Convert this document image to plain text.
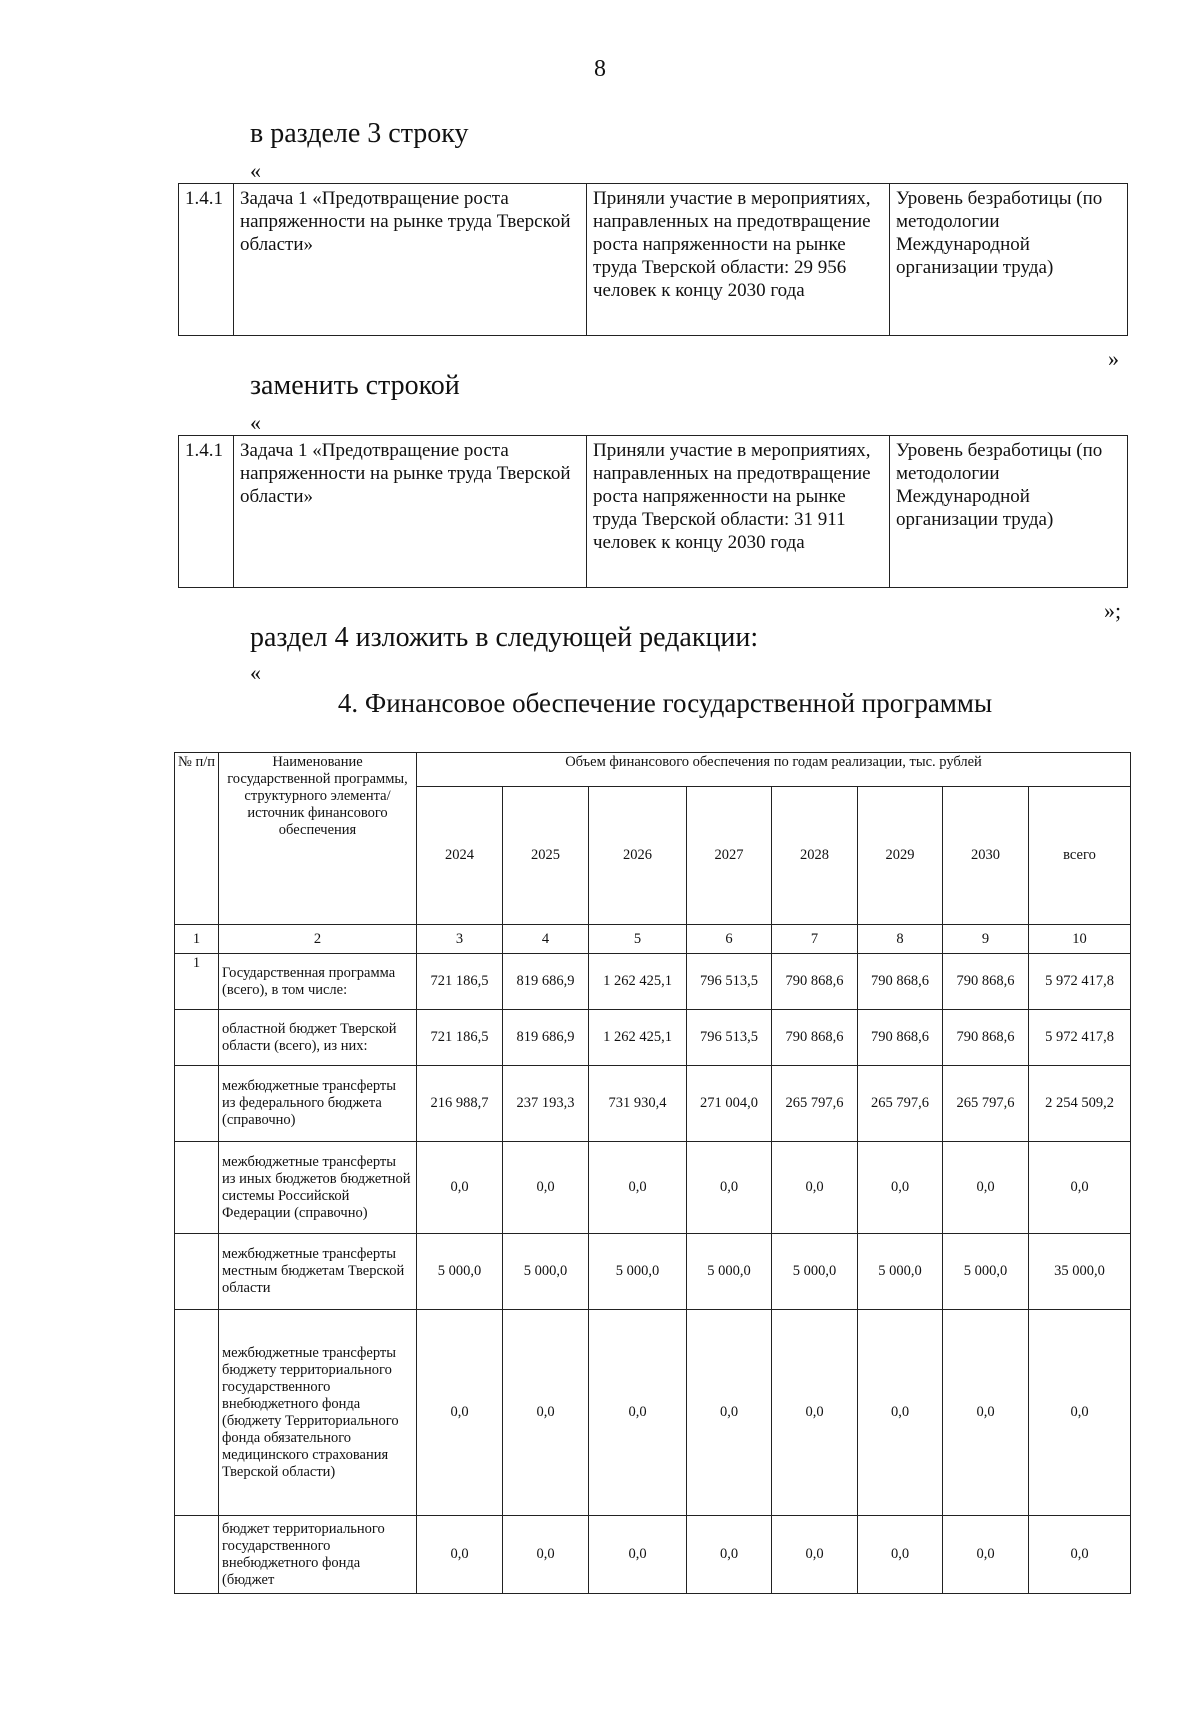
8
в разделе 3 строку
«
1.4.1	Задача 1 «Предотвращение роста напряженности на рынке труда Тверской области»	Приняли участие в мероприятиях, направленных на предотвращение роста напряженности на рынке труда Тверской области: 29 956 человек к концу 2030 года	Уровень безработицы (по методологии Международной организации труда)
»
заменить строкой
«
1.4.1	Задача 1 «Предотвращение роста напряженности на рынке труда Тверской области»	Приняли участие в мероприятиях, направленных на предотвращение роста напряженности на рынке труда Тверской области: 31 911 человек к концу 2030 года	Уровень безработицы (по методологии Международной организации труда)
»;
раздел 4 изложить в следующей редакции:
«
4. Финансовое обеспечение государственной программы
№ п/п	Наименование государственной программы, структурного элемента/источник финансового обеспечения	Объем финансового обеспечения по годам реализации, тыс. рублей							
		2024	2025	2026	2027	2028	2029	2030	всего
1	2	3	4	5	6	7	8	9	10
1	Государственная программа (всего), в том числе:	721 186,5	819 686,9	1 262 425,1	796 513,5	790 868,6	790 868,6	790 868,6	5 972 417,8
	областной бюджет Тверской области (всего), из них:	721 186,5	819 686,9	1 262 425,1	796 513,5	790 868,6	790 868,6	790 868,6	5 972 417,8
	межбюджетные трансферты из федерального бюджета (справочно)	216 988,7	237 193,3	731 930,4	271 004,0	265 797,6	265 797,6	265 797,6	2 254 509,2
	межбюджетные трансферты из иных бюджетов бюджетной системы Российской Федерации (справочно)	0,0	0,0	0,0	0,0	0,0	0,0	0,0	0,0
	межбюджетные трансферты местным бюджетам Тверской области	5 000,0	5 000,0	5 000,0	5 000,0	5 000,0	5 000,0	5 000,0	35 000,0
	межбюджетные трансферты бюджету территориального государственного внебюджетного фонда (бюджету Территориального фонда обязательного медицинского страхования Тверской области)	0,0	0,0	0,0	0,0	0,0	0,0	0,0	0,0
	бюджет территориального государственного внебюджетного фонда (бюджет	0,0	0,0	0,0	0,0	0,0	0,0	0,0	0,0
